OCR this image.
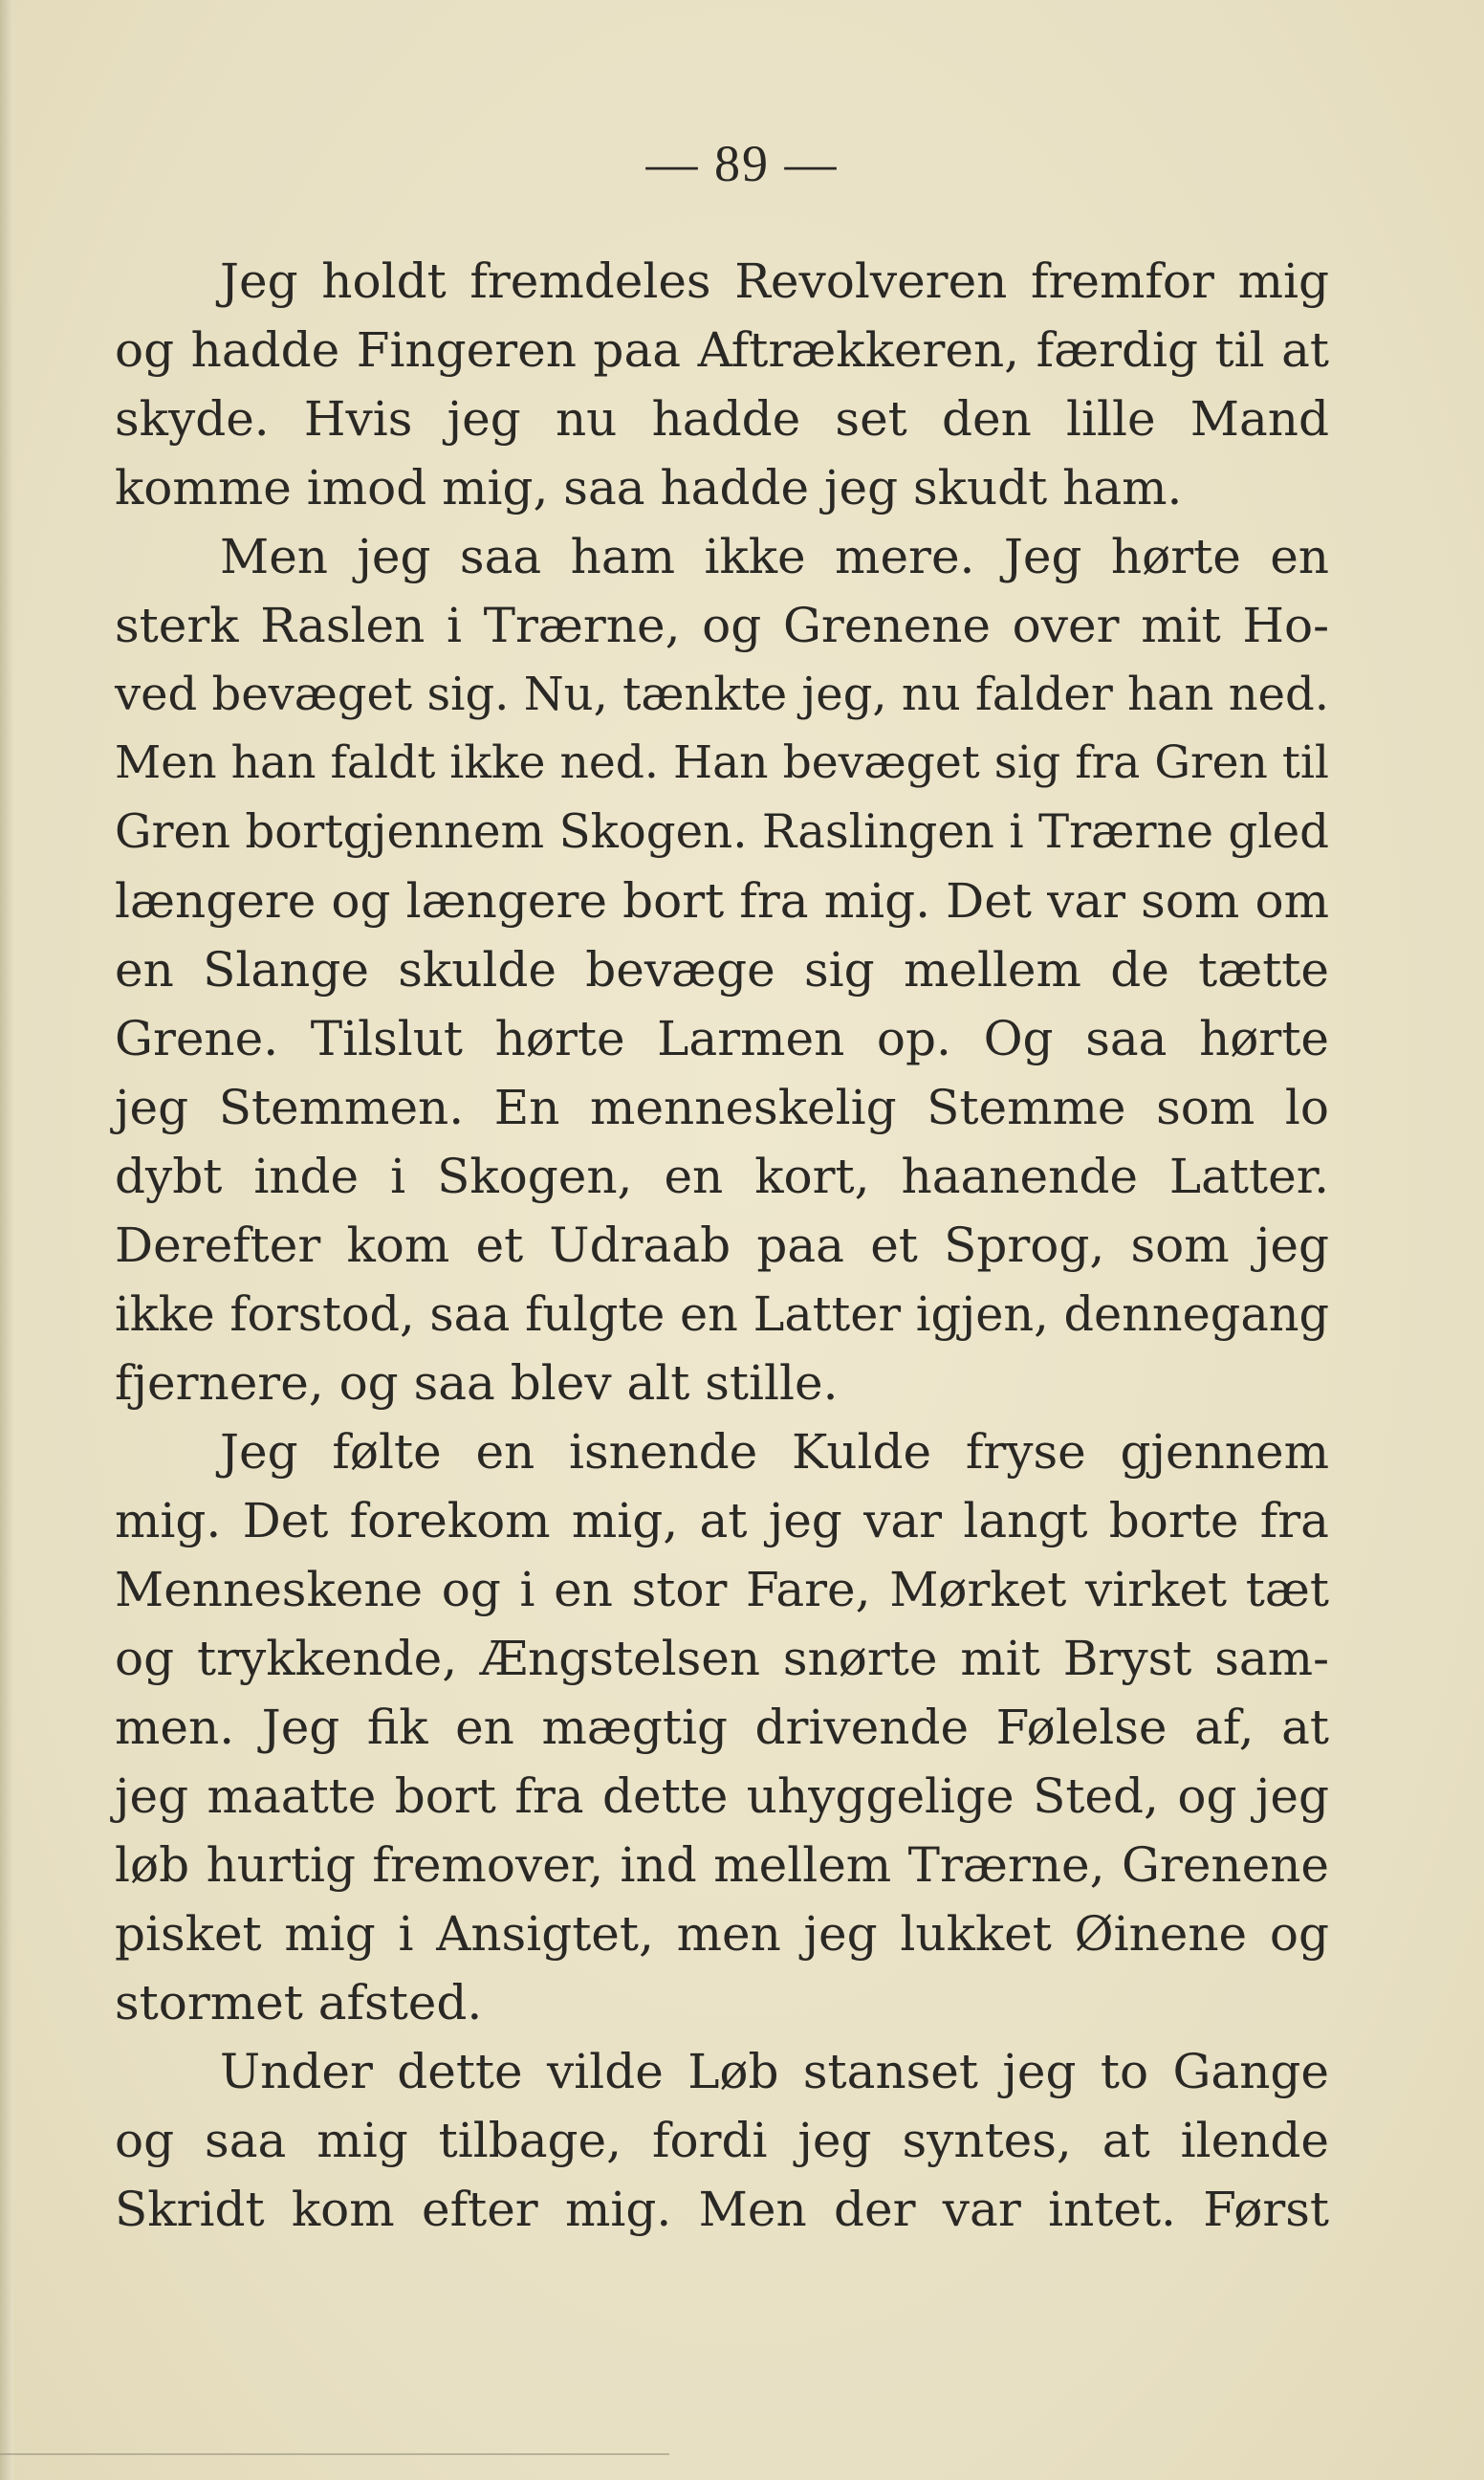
— 89 —
Jeg holdt fremdeles Revolveren fremfor mig
og hadde Fingeren paa Aftrækkeren, færdig til at
skyde. Hvis jeg nu hadde set den lille Mand
komme imod mig, saa hadde jeg skudt ham.
Men jeg saa ham ikke mere. Jeg hørte en
sterk Raslen i Trærne, og Grenene over mit Ho-
ved bevæget sig. Nu, tænkte jeg, nu falder han ned.
Men han faldt ikke ned. Han bevæget sig fra Gren til
Gren bortgjennem Skogen. Raslingen i Trærne gled
længere og længere bort fra mig. Det var som om
en Slange skulde bevæge sig mellem de tætte
Grene. Tilslut hørte Larmen op. Og saa hørte
jeg Stemmen. En menneskelig Stemme som lo
dybt inde i Skogen, en kort, haanende Latter.
Derefter kom et Udraab paa et Sprog, som jeg
ikke forstod, saa fulgte en Latter igjen, dennegang
fjernere, og saa blev alt stille.
Jeg følte en isnende Kulde fryse gjennem
mig. Det forekom mig, at jeg var langt borte fra
Menneskene og i en stor Fare, Mørket virket tæt
og trykkende, Ængstelsen snørte mit Bryst sam-
men. Jeg fik en mægtig drivende Følelse af, at
jeg maatte bort fra dette uhyggelige Sted, og jeg
løb hurtig fremover, ind mellem Trærne, Grenene
pisket mig i Ansigtet, men jeg lukket Øinene og
stormet afsted.
Under dette vilde Løb stanset jeg to Gange
og saa mig tilbage, fordi jeg syntes, at ilende
Skridt kom efter mig. Men der var intet. Først
